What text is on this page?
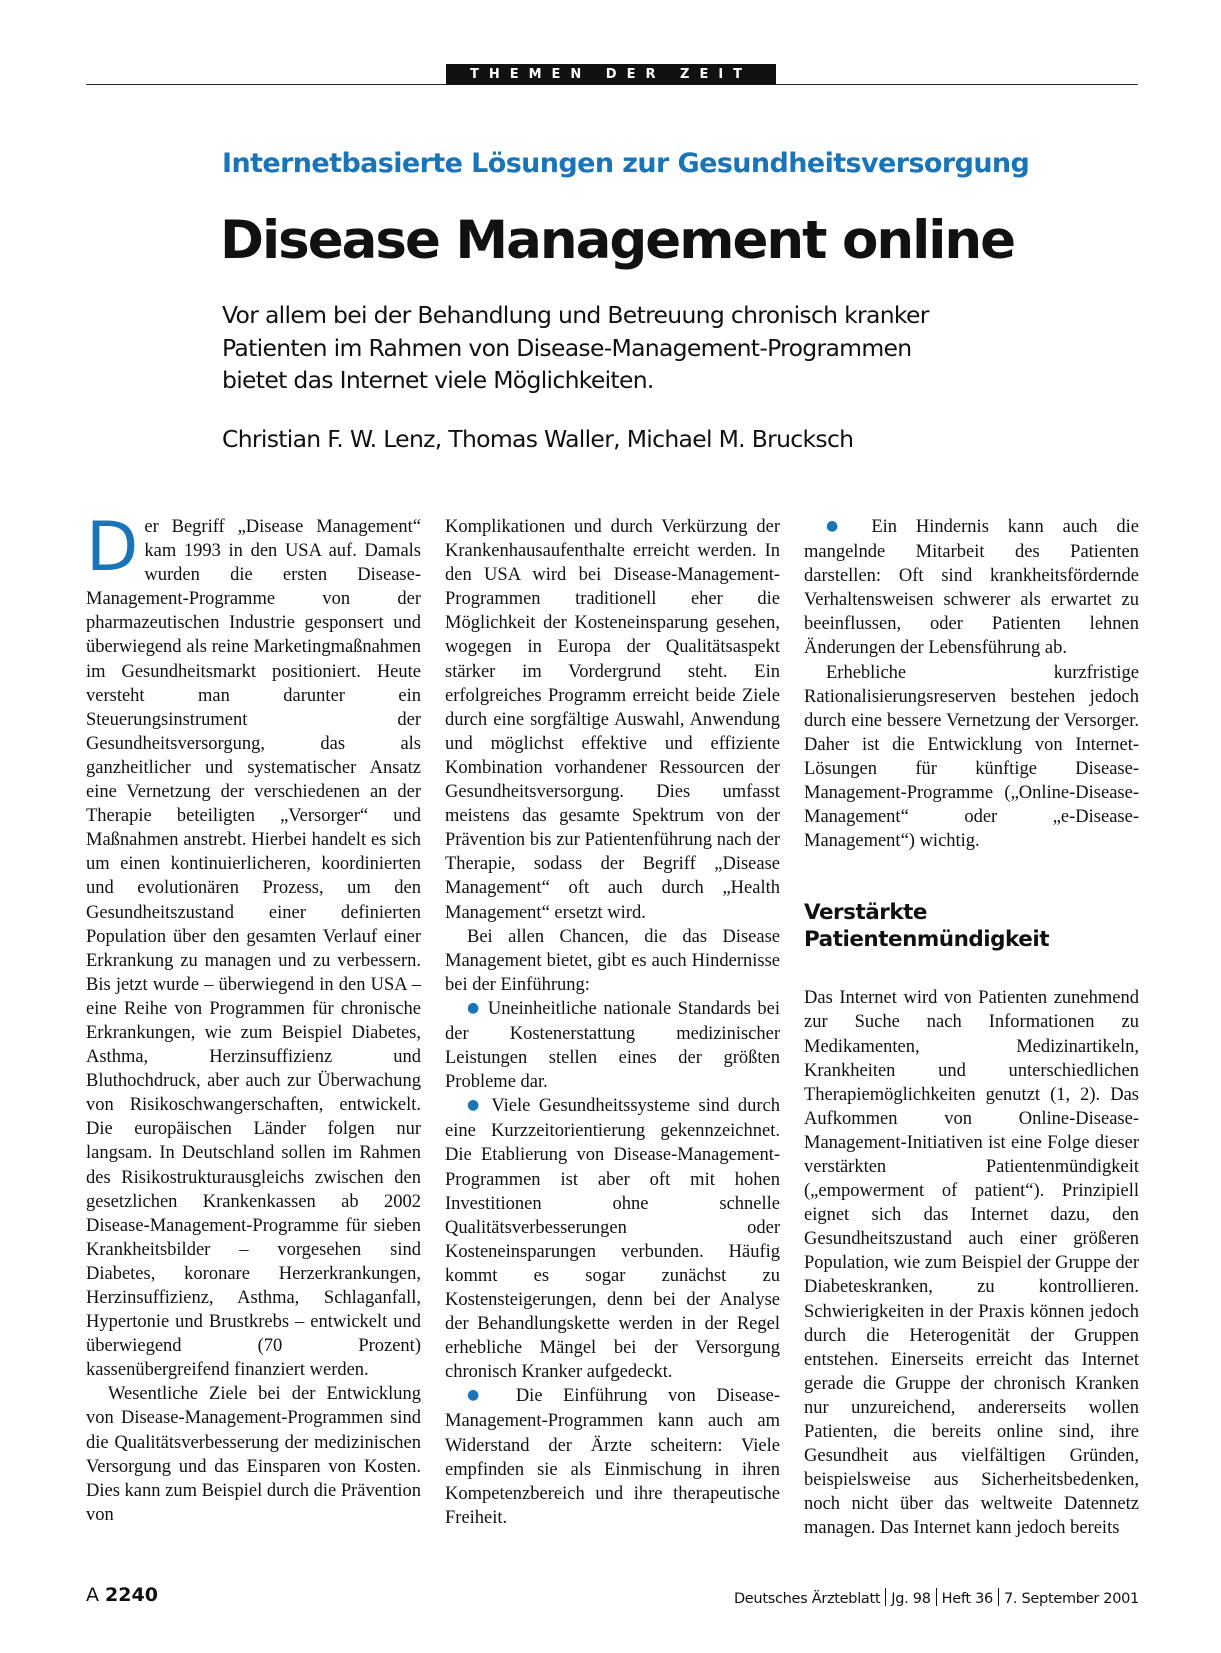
THEMEN DER ZEIT
Internetbasierte Lösungen zur Gesundheitsversorgung
Disease Management online
Vor allem bei der Behandlung und Betreuung chronisch kranker Patienten im Rahmen von Disease-Management-Programmen bietet das Internet viele Möglichkeiten.
Christian F. W. Lenz, Thomas Waller, Michael M. Brucksch

Der Begriff „Disease Management“ kam 1993 in den USA auf. Damals wurden die ersten Disease-Management-Programme von der pharmazeutischen Industrie gesponsert und überwiegend als reine Marketingmaßnahmen im Gesundheitsmarkt positioniert. Heute versteht man darunter ein Steuerungsinstrument der Gesundheitsversorgung, das als ganzheitlicher und systematischer Ansatz eine Vernetzung der verschiedenen an der Therapie beteiligten „Versorger“ und Maßnahmen anstrebt. Hierbei handelt es sich um einen kontinuierlicheren, koordinierten und evolutionären Prozess, um den Gesundheitszustand einer definierten Population über den gesamten Verlauf einer Erkrankung zu managen und zu verbessern. Bis jetzt wurde – überwiegend in den USA – eine Reihe von Programmen für chronische Erkrankungen, wie zum Beispiel Diabetes, Asthma, Herzinsuffizienz und Bluthochdruck, aber auch zur Überwachung von Risikoschwangerschaften, entwickelt. Die europäischen Länder folgen nur langsam. In Deutschland sollen im Rahmen des Risikostrukturausgleichs zwischen den gesetzlichen Krankenkassen ab 2002 Disease-Management-Programme für sieben Krankheitsbilder – vorgesehen sind Diabetes, koronare Herzerkrankungen, Herzinsuffizienz, Asthma, Schlaganfall, Hypertonie und Brustkrebs – entwickelt und überwiegend (70 Prozent) kassenübergreifend finanziert werden.

Wesentliche Ziele bei der Entwicklung von Disease-Management-Programmen sind die Qualitätsverbesserung der medizinischen Versorgung und das Einsparen von Kosten. Dies kann zum Beispiel durch die Prävention von

Komplikationen und durch Verkürzung der Krankenhausaufenthalte erreicht werden. In den USA wird bei Disease-Management-Programmen traditionell eher die Möglichkeit der Kosteneinsparung gesehen, wogegen in Europa der Qualitätsaspekt stärker im Vordergrund steht. Ein erfolgreiches Programm erreicht beide Ziele durch eine sorgfältige Auswahl, Anwendung und möglichst effektive und effiziente Kombination vorhandener Ressourcen der Gesundheitsversorgung. Dies umfasst meistens das gesamte Spektrum von der Prävention bis zur Patientenführung nach der Therapie, sodass der Begriff „Disease Management“ oft auch durch „Health Management“ ersetzt wird.

Bei allen Chancen, die das Disease Management bietet, gibt es auch Hindernisse bei der Einführung:

● Uneinheitliche nationale Standards bei der Kostenerstattung medizinischer Leistungen stellen eines der größten Probleme dar.

● Viele Gesundheitssysteme sind durch eine Kurzzeitorientierung gekennzeichnet. Die Etablierung von Disease-Management-Programmen ist aber oft mit hohen Investitionen ohne schnelle Qualitätsverbesserungen oder Kosteneinsparungen verbunden. Häufig kommt es sogar zunächst zu Kostensteigerungen, denn bei der Analyse der Behandlungskette werden in der Regel erhebliche Mängel bei der Versorgung chronisch Kranker aufgedeckt.

● Die Einführung von Disease-Management-Programmen kann auch am Widerstand der Ärzte scheitern: Viele empfinden sie als Einmischung in ihren Kompetenzbereich und ihre therapeutische Freiheit.

● Ein Hindernis kann auch die mangelnde Mitarbeit des Patienten darstellen: Oft sind krankheitsfördernde Verhaltensweisen schwerer als erwartet zu beeinflussen, oder Patienten lehnen Änderungen der Lebensführung ab.

Erhebliche kurzfristige Rationalisierungsreserven bestehen jedoch durch eine bessere Vernetzung der Versorger. Daher ist die Entwicklung von Internet-Lösungen für künftige Disease-Management-Programme („Online-Disease-Management“ oder „e-Disease-Management“) wichtig.

Verstärkte Patientenmündigkeit

Das Internet wird von Patienten zunehmend zur Suche nach Informationen zu Medikamenten, Medizinartikeln, Krankheiten und unterschiedlichen Therapiemöglichkeiten genutzt (1, 2). Das Aufkommen von Online-Disease-Management-Initiativen ist eine Folge dieser verstärkten Patientenmündigkeit („empowerment of patient“). Prinzipiell eignet sich das Internet dazu, den Gesundheitszustand auch einer größeren Population, wie zum Beispiel der Gruppe der Diabeteskranken, zu kontrollieren. Schwierigkeiten in der Praxis können jedoch durch die Heterogenität der Gruppen entstehen. Einerseits erreicht das Internet gerade die Gruppe der chronisch Kranken nur unzureichend, andererseits wollen Patienten, die bereits online sind, ihre Gesundheit aus vielfältigen Gründen, beispielsweise aus Sicherheitsbedenken, noch nicht über das weltweite Datennetz managen. Das Internet kann jedoch bereits

A 2240	Deutsches Ärzteblatt Jg. 98 Heft 36 7. September 2001
